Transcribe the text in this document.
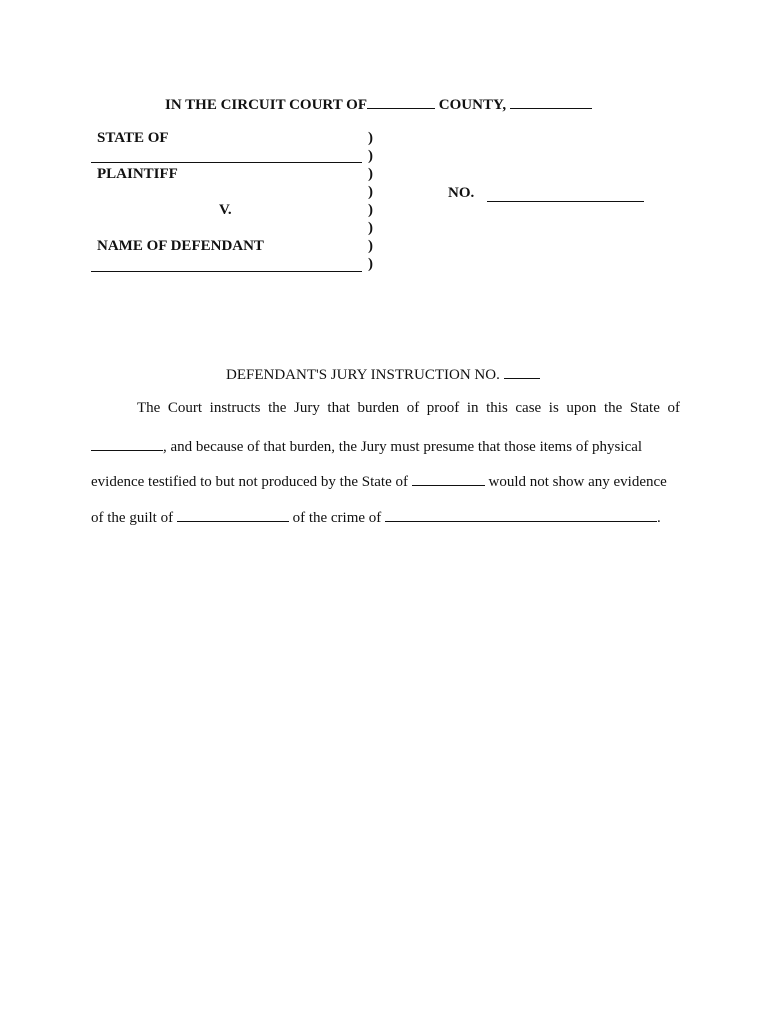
IN THE CIRCUIT COURT OF	COUNTY,
STATE OF
PLAINTIFF
V.
NAME OF DEFENDANT
)
)
)
)
)
)
)
)
NO.
DEFENDANT'S JURY INSTRUCTION NO.
The Court instructs the Jury that burden of proof in this case is upon the State of
, and because of that burden, the Jury must presume that those items of physical
evidence testified to but not produced by the State of	would not show any evidence
of the guilt of	of the crime of	.
